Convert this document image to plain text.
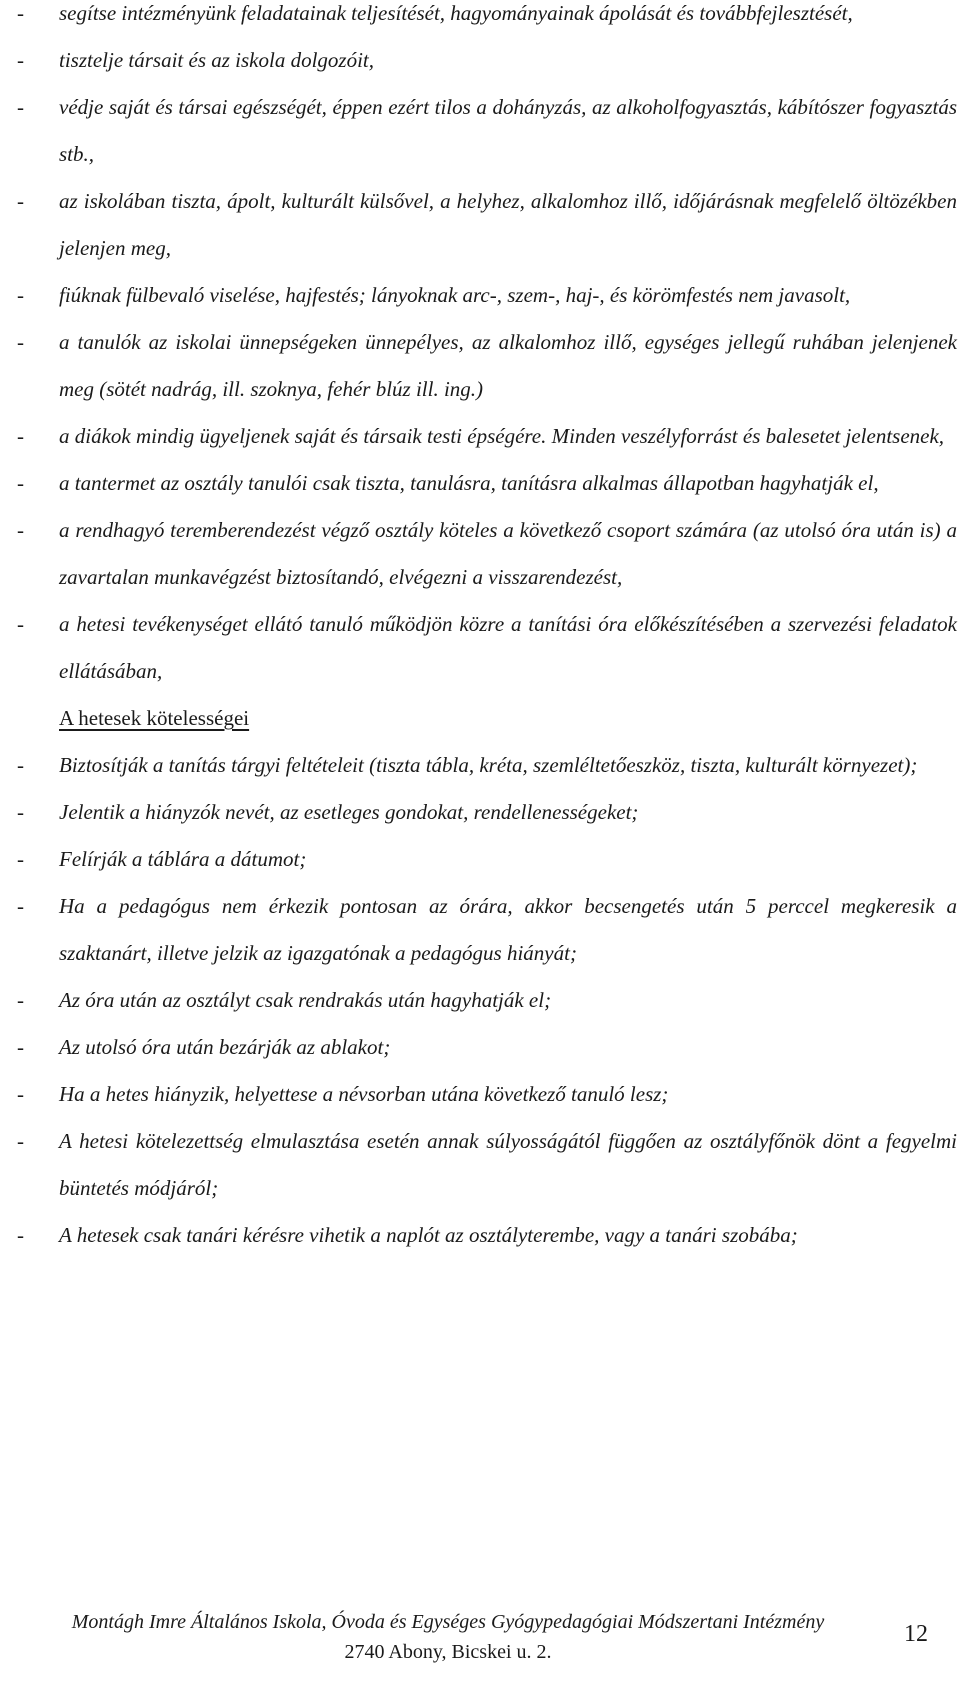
-	segítse intézményünk feladatainak teljesítését, hagyományainak ápolását és továbbfejlesztését,
-	tisztelje társait és az iskola dolgozóit,
-	védje saját és társai egészségét, éppen ezért tilos a dohányzás, az alkoholfogyasztás, kábítószer fogyasztás stb.,
-	az iskolában tiszta, ápolt, kulturált külsővel, a helyhez, alkalomhoz illő, időjárásnak megfelelő öltözékben jelenjen meg,
-	fiúknak fülbevaló viselése, hajfestés; lányoknak arc-, szem-, haj-, és körömfestés nem javasolt,
-	a tanulók az iskolai ünnepségeken ünnepélyes, az alkalomhoz illő, egységes jellegű ruhában jelenjenek meg (sötét nadrág, ill. szoknya, fehér blúz ill. ing.)
-	a diákok mindig ügyeljenek saját és társaik testi épségére. Minden veszélyforrást és balesetet jelentsenek,
-	a tantermet az osztály tanulói csak tiszta, tanulásra, tanításra alkalmas állapotban hagyhatják el,
-	a rendhagyó teremberendezést végző osztály köteles a következő csoport számára (az utolsó óra után is) a zavartalan munkavégzést biztosítandó, elvégezni a visszarendezést,
-	a hetesi tevékenységet ellátó tanuló működjön közre a tanítási óra előkészítésében a szervezési feladatok ellátásában,
A hetesek kötelességei
-	Biztosítják a tanítás tárgyi feltételeit (tiszta tábla, kréta, szemléltetőeszköz, tiszta, kulturált környezet);
-	Jelentik a hiányzók nevét, az esetleges gondokat, rendellenességeket;
-	Felírják a táblára a dátumot;
-	Ha a pedagógus nem érkezik pontosan az órára, akkor becsengetés után 5 perccel megkeresik a szaktanárt, illetve jelzik az igazgatónak a pedagógus hiányát;
-	Az óra után az osztályt csak rendrakás után hagyhatják el;
-	Az utolsó óra után bezárják az ablakot;
-	Ha a hetes hiányzik, helyettese a névsorban utána következő tanuló lesz;
-	A hetesi kötelezettség elmulasztása esetén annak súlyosságától függően az osztályfőnök dönt a fegyelmi büntetés módjáról;
-	A hetesek csak tanári kérésre vihetik a naplót az osztályterembe, vagy a tanári szobába;
Montágh Imre Általános Iskola, Óvoda és Egységes Gyógypedagógiai Módszertani Intézmény
2740 Abony, Bicskei u. 2.
12
